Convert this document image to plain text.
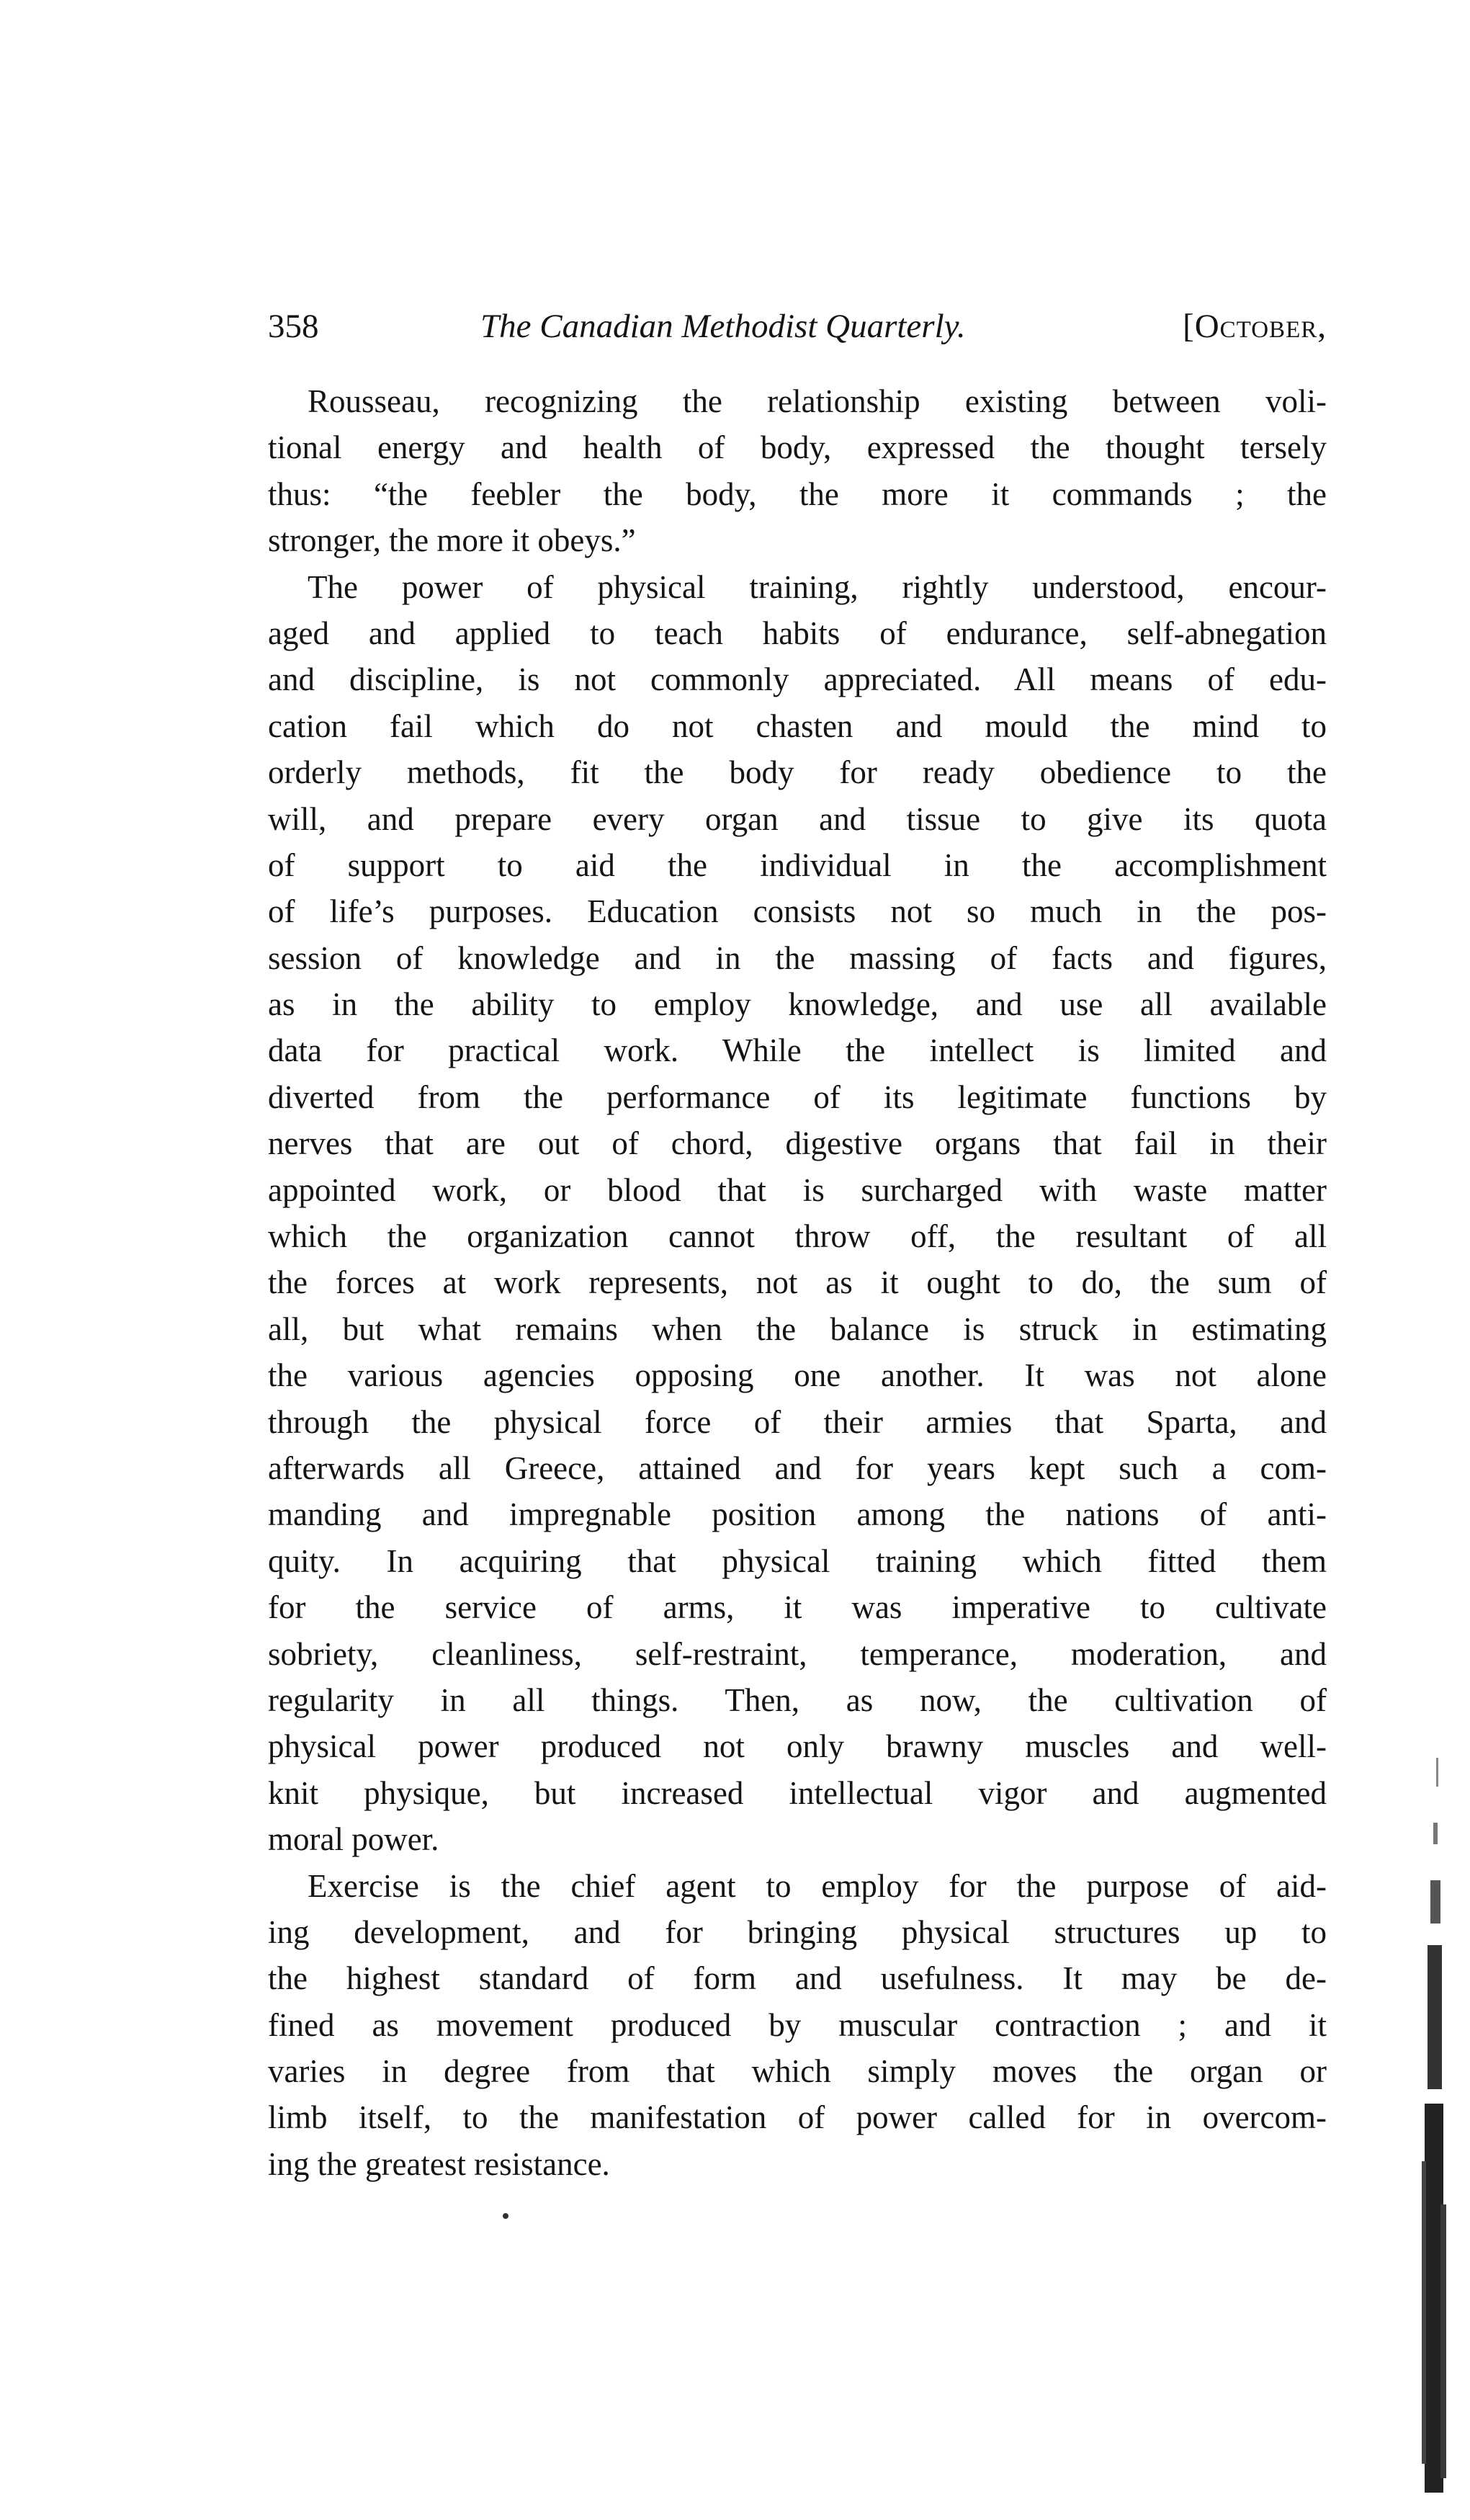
358	The Canadian Methodist Quarterly.	[October,
Rousseau, recognizing the relationship existing between voli-
tional energy and health of body, expressed the thought tersely
thus: “the feebler the body, the more it commands ; the
stronger, the more it obeys.”
The power of physical training, rightly understood, encour-
aged and applied to teach habits of endurance, self-abnegation
and discipline, is not commonly appreciated. All means of edu-
cation fail which do not chasten and mould the mind to
orderly methods, fit the body for ready obedience to the
will, and prepare every organ and tissue to give its quota
of support to aid the individual in the accomplishment
of life’s purposes. Education consists not so much in the pos-
session of knowledge and in the massing of facts and figures,
as in the ability to employ knowledge, and use all available
data for practical work. While the intellect is limited and
diverted from the performance of its legitimate functions by
nerves that are out of chord, digestive organs that fail in their
appointed work, or blood that is surcharged with waste matter
which the organization cannot throw off, the resultant of all
the forces at work represents, not as it ought to do, the sum of
all, but what remains when the balance is struck in estimating
the various agencies opposing one another. It was not alone
through the physical force of their armies that Sparta, and
afterwards all Greece, attained and for years kept such a com-
manding and impregnable position among the nations of anti-
quity. In acquiring that physical training which fitted them
for the service of arms, it was imperative to cultivate
sobriety, cleanliness, self-restraint, temperance, moderation, and
regularity in all things. Then, as now, the cultivation of
physical power produced not only brawny muscles and well-
knit physique, but increased intellectual vigor and augmented
moral power.
Exercise is the chief agent to employ for the purpose of aid-
ing development, and for bringing physical structures up to
the highest standard of form and usefulness. It may be de-
fined as movement produced by muscular contraction ; and it
varies in degree from that which simply moves the organ or
limb itself, to the manifestation of power called for in overcom-
ing the greatest resistance.
